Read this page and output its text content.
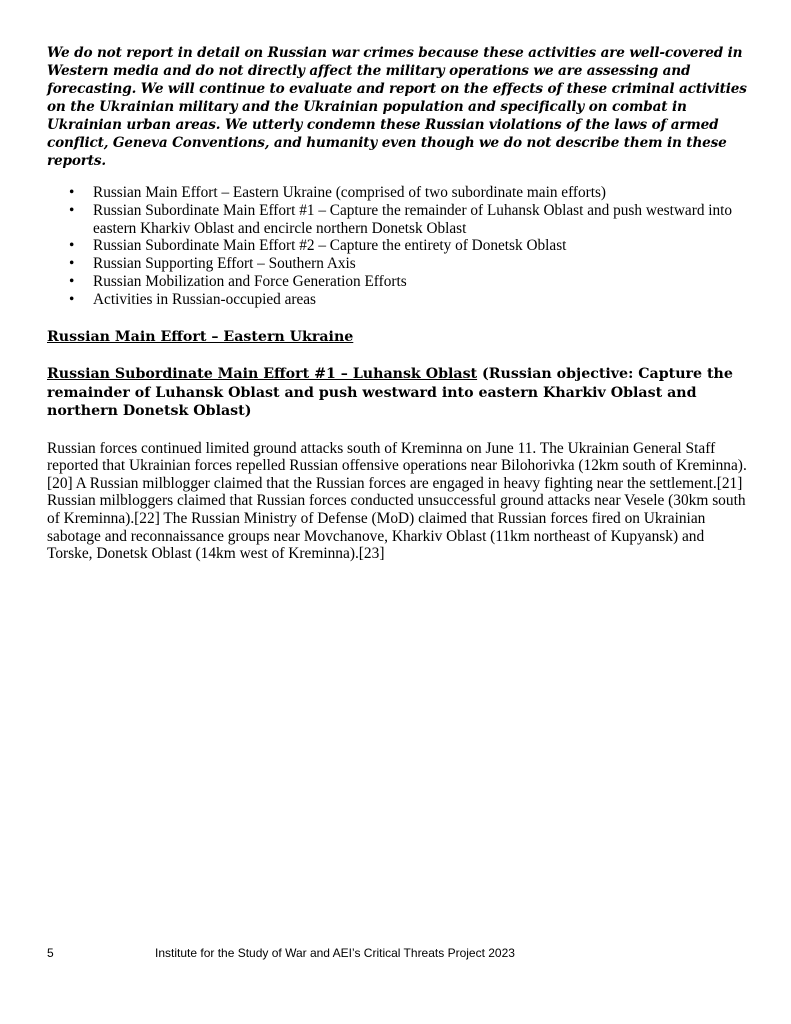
We do not report in detail on Russian war crimes because these activities are well-covered in Western media and do not directly affect the military operations we are assessing and forecasting. We will continue to evaluate and report on the effects of these criminal activities on the Ukrainian military and the Ukrainian population and specifically on combat in Ukrainian urban areas. We utterly condemn these Russian violations of the laws of armed conflict, Geneva Conventions, and humanity even though we do not describe them in these reports.

• Russian Main Effort – Eastern Ukraine (comprised of two subordinate main efforts)
• Russian Subordinate Main Effort #1 – Capture the remainder of Luhansk Oblast and push westward into eastern Kharkiv Oblast and encircle northern Donetsk Oblast
• Russian Subordinate Main Effort #2 – Capture the entirety of Donetsk Oblast
• Russian Supporting Effort – Southern Axis
• Russian Mobilization and Force Generation Efforts
• Activities in Russian-occupied areas

Russian Main Effort – Eastern Ukraine

Russian Subordinate Main Effort #1 – Luhansk Oblast (Russian objective: Capture the remainder of Luhansk Oblast and push westward into eastern Kharkiv Oblast and northern Donetsk Oblast)

Russian forces continued limited ground attacks south of Kreminna on June 11. The Ukrainian General Staff reported that Ukrainian forces repelled Russian offensive operations near Bilohorivka (12km south of Kreminna).[20] A Russian milblogger claimed that the Russian forces are engaged in heavy fighting near the settlement.[21] Russian milbloggers claimed that Russian forces conducted unsuccessful ground attacks near Vesele (30km south of Kreminna).[22] The Russian Ministry of Defense (MoD) claimed that Russian forces fired on Ukrainian sabotage and reconnaissance groups near Movchanove, Kharkiv Oblast (11km northeast of Kupyansk) and Torske, Donetsk Oblast (14km west of Kreminna).[23]

5	Institute for the Study of War and AEI’s Critical Threats Project 2023
